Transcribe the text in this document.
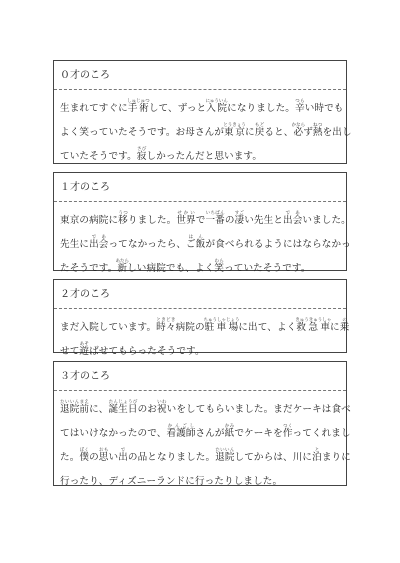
０才のころ
生まれてすぐに手術しゅじゅつして、ずっと入院にゅういんになりました。辛つらい時でも
よく笑っていたそうです。お母さんが東京とうきょうに戻もどると、必かならず熱ねつを出し
ていたそうです。寂さびしかったんだと思います。
１才のころ
東京の病院に移うつりました。世界せかいで一番いちばんの凄すごい先生と出会であいました。
先生に出会であってなかったら、ご飯はんが食べられるようにはならなかっ
たそうです。新あたらしい病院でも、よく笑わらっていたそうです。
２才のころ
まだ入院しています。時々ときどき病院の駐車場ちゅうしゃじょうに出て、よく救急車きゅうきゅうしゃに乗の
せて遊あそばせてもらったそうです。
３才のころ
退院前たいいんまえに、誕生日たんじょうびのお祝いわいをしてもらいました。まだケーキは食べ
てはいけなかったので、看護師かんごしさんが紙かみでケーキを作つくってくれまし
た。僕ぼくの思おもい出での品となりました。退院たいいんしてからは、川に泊とまりに
行ったり、ディズニーランドに行ったりしました。
